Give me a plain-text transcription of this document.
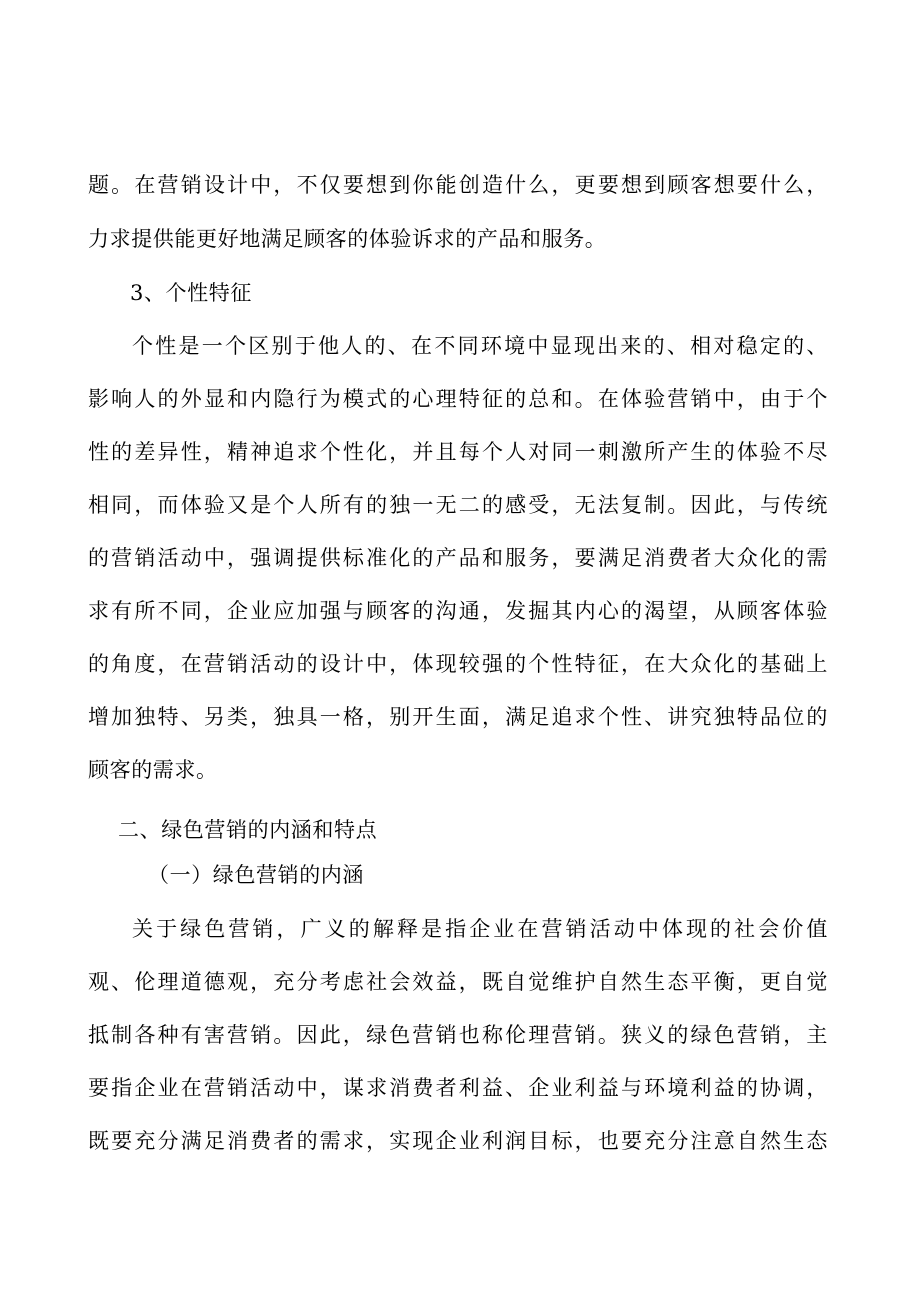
题。在营销设计中，不仅要想到你能创造什么，更要想到顾客想要什么，
力求提供能更好地满足顾客的体验诉求的产品和服务。
3、个性特征
个性是一个区别于他人的、在不同环境中显现出来的、相对稳定的、
影响人的外显和内隐行为模式的心理特征的总和。在体验营销中，由于个
性的差异性，精神追求个性化，并且每个人对同一刺激所产生的体验不尽
相同，而体验又是个人所有的独一无二的感受，无法复制。因此，与传统
的营销活动中，强调提供标准化的产品和服务，要满足消费者大众化的需
求有所不同，企业应加强与顾客的沟通，发掘其内心的渴望，从顾客体验
的角度，在营销活动的设计中，体现较强的个性特征，在大众化的基础上
增加独特、另类，独具一格，别开生面，满足追求个性、讲究独特品位的
顾客的需求。
二、绿色营销的内涵和特点
（一）绿色营销的内涵
关于绿色营销，广义的解释是指企业在营销活动中体现的社会价值
观、伦理道德观，充分考虑社会效益，既自觉维护自然生态平衡，更自觉
抵制各种有害营销。因此，绿色营销也称伦理营销。狭义的绿色营销，主
要指企业在营销活动中，谋求消费者利益、企业利益与环境利益的协调，
既要充分满足消费者的需求，实现企业利润目标，也要充分注意自然生态
